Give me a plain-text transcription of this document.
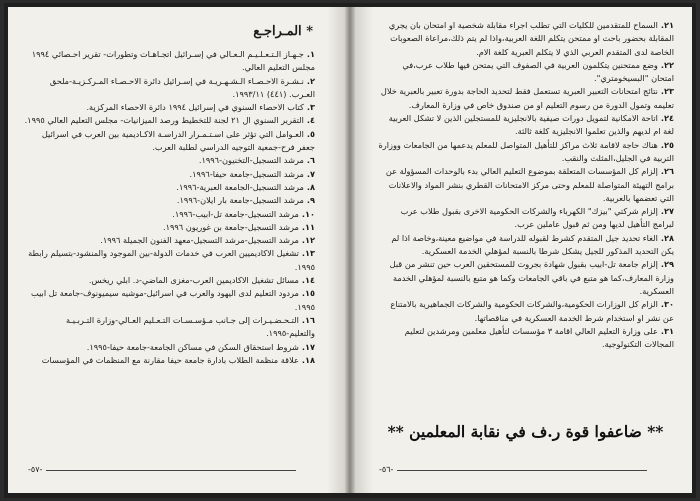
* المـراجـع
١.جـهـاز الـتـعـلـيـم الـعـالي في إسـرائيل اتجـاهـات وتطورات- تقرير احـصائي ١٩٩٤ مجلس التعليم العالي.
٢.نـشـرة الاحـصـاء الـشـهـريـة في إسـرائيل دائرة الاحـصـاء المـركـزيـة-ملحق العـرب. (٤٤١) ١٩٩٣/١١.
٣.كتاب الاحصاء السنوي في إسرائيل ١٩٩٤ دائرة الاحصاء المركزية.
٤.التقرير السنوي ال ٢١ لجنة للتخطيط ورصد الميزانيات- مجلس التعليم العالي ١٩٩٥.
٥.العـوامل التي تؤثر على اسـتـمـرار الدراسـة الاكـاديمية بين العرب في اسرائيل جعفر فرح-جمعية التوجيه الدراسي لطلبة العرب.
٦.مرشد التسجيل-التخنيون-١٩٩٦.
٧.مرشد التسجيل-جامعة حيفا-١٩٩٦.
٨.مرشد التسجيل-الجامعة العبرية-١٩٩٦.
٩.مرشد التسجيل-جامعة بار ايلان-١٩٩٦.
١٠.مرشد التسجيل-جامعة تل-ابيب-١٩٩٦.
١١.مرشد التسجيل-جامعة بن غوريون ١٩٩٦.
١٢.مرشد التسجيل-مرشد التسجيل-معهد الفنون الجميلة ١٩٩٦.
١٣.تشغيل الاكاديميين العرب في خدمات الدولة-بين الموجود والمنشود-بتسيلم رابطة ١٩٩٥.
١٤.مسائل تشغيل الاكاديمين العرب-مغزى الماضي-د. ابلي ريخس.
١٥.مردود التعليم لدى اليهود والعرب في اسرائيل-موشيه سيميونوف-جامعة تل ابيب ١٩٩٥.
١٦.التـحـضـيـرات إلى جـانب مـؤسـسـات التـعـليم العـالي-وزارة التـربـيـة والتعليم-١٩٩٥.
١٧.شروط استحقاق السكن في مساكن الجامعة-جامعة حيفا-١٩٩٥.
١٨.علاقة منظمة الطلاب بادارة جامعة حيفا مقارنة مع المنظمات في المؤسسات
-٥٧-
٢١.السماح للمتقدمين للكليات التي تطلب اجراء مقابلة شخصية او امتحان بان يجري المقابلة بحضور باحث او ممتحن يتكلم اللغة العربية،واذا لم يتم ذلك،مراعاة الصعوبات الخاصة لدى المتقدم العربي الذي لا يتكلم العبرية كلغة الام.
٢٢.وضع ممتحنين يتكلمون العربية في الصفوف التي يمتحن فيها طلاب عرب،في امتحان "البسيخومتري".
٢٣.نتائج امتحانات التعبير العبرية تستعمل فقط لتحديد الحاجة بدورة تعبير بالعبرية خلال تعليمه وتمول الدورة من رسوم التعليم او من صندوق خاص في وزارة المعارف.
٢٤.اتاحة الامكانية لتمويل دورات صيفية بالانجليزية للمستجلين الذين لا تشكل العربية لغة ام لديهم والذين تعلموا الانجليزية كلغة ثالثة.
٢٥.هناك حاجة لاقامة ثلاث مراكز للتأهيل المتواصل للمعلم يدعمها من الجامعات ووزارة التربية في الجليل،المثلث والنقب.
٢٦.إلزام كل المؤسسات المتعلقة بموضوع التعليم العالي بدء بالوحدات المسؤولة عن برامج التهيئة المتواصلة للمعلم وحتى مركز الامتحانات القطري بنشر المواد والاعلانات التي تعضمها بالعربية.
٢٧.إلزام شركتي "بيزك" الكهرباء والشركات الحكومية الاخرى بقبول طلاب عرب لبرامج التأهيل لديها ومن ثم قبول عاملين عرب.
٢٨.الغاء تحديد جيل المتقدم كشرط لقبوله للدراسة في مواضيع معينة،وخاصة اذا لم يكن التحديد المذكور للجيل يشكل شرطا بالنسبة لمؤهلي الخدمة العسكرية.
٢٩.إلزام جامعة تل-ابيب بقبول شهادة بجروت للمستحقين العرب حين تنشر من قبل وزارة المعارف،كما هو متبع في باقي الجامعات وكما هو متبع بالنسبة لمؤهلي الخدمة العسكرية.
٣٠.الزام كل الوزارات الحكومية،والشركات الحكومية والشركات الجماهيرية بالامتناع عن نشر او استخدام شرط الخدمة العسكرية في مناقصاتها.
٣١.على وزارة التعليم العالي اقامة ٣ مؤسسات لتأهيل معلمين ومرشدين لتعليم المجالات التكنولوجية.
** ضاعفوا قوة ر.ف في نقابة المعلمين **
-٥٦-
